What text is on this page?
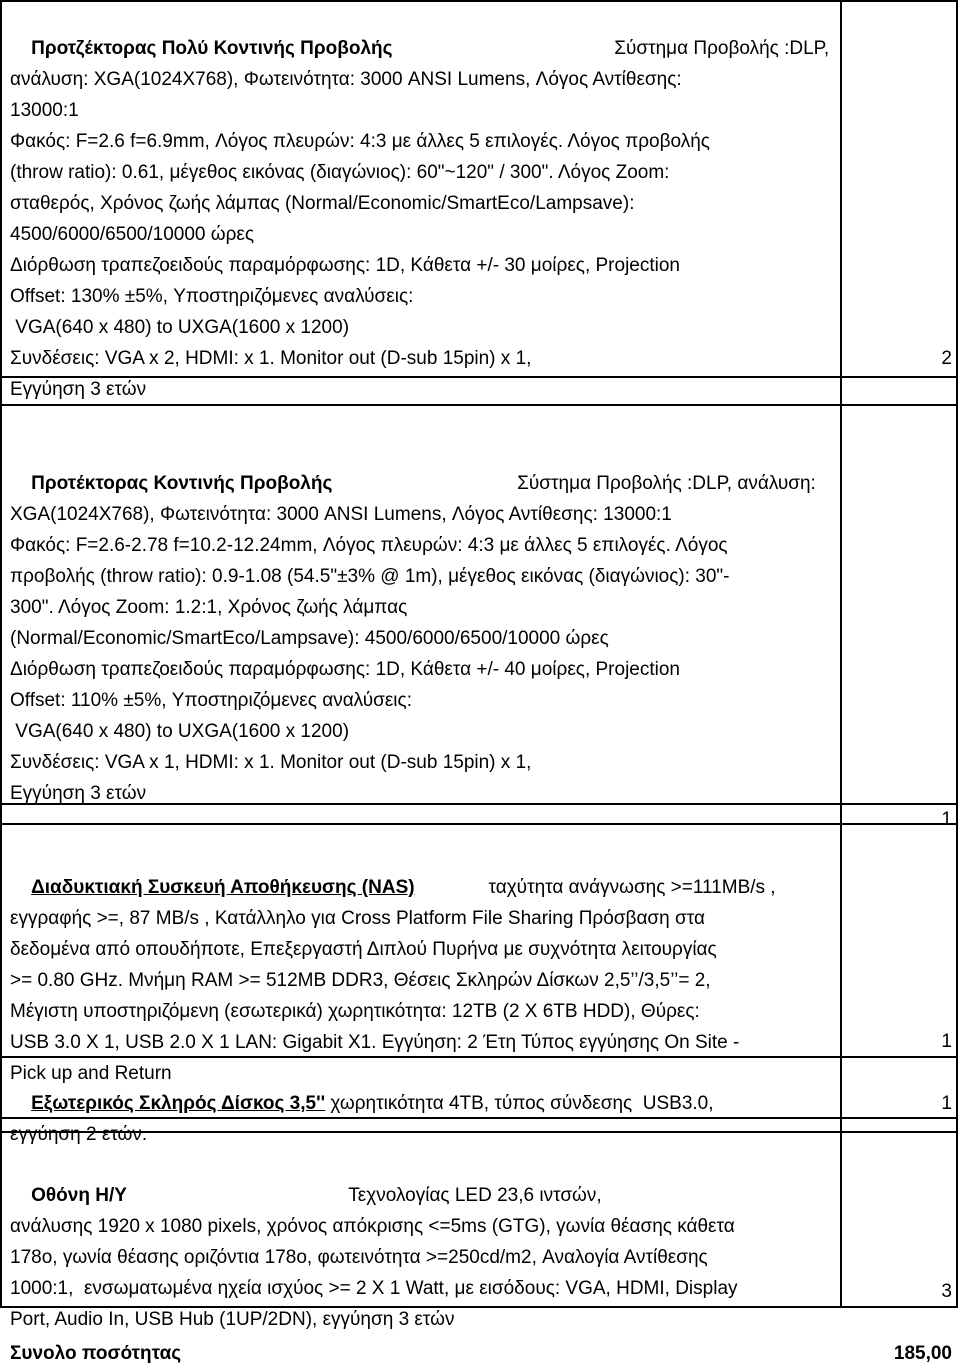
Προτζέκτορας Πολύ Κοντινής Προβολής                                          Σύστημα Προβολής :DLP,
ανάλυση: XGA(1024X768), Φωτεινότητα: 3000 ANSI Lumens, Λόγος Αντίθεσης:
13000:1
Φακός: F=2.6 f=6.9mm, Λόγος πλευρών: 4:3 με άλλες 5 επιλογές. Λόγος προβολής
(throw ratio): 0.61, μέγεθος εικόνας (διαγώνιος): 60"~120" / 300". Λόγος Zoom:
σταθερός, Χρόνος ζωής λάμπας (Normal/Economic/SmartEco/Lampsave):
4500/6000/6500/10000 ώρες
Διόρθωση τραπεζοειδούς παραμόρφωσης: 1D, Κάθετα +/- 30 μοίρες, Projection
Offset: 130% ±5%, Υποστηριζόμενες αναλύσεις:
VGA(640 x 480) to UXGA(1600 x 1200)
Συνδέσεις: VGA x 2, HDMI: x 1. Monitor out (D-sub 15pin) x 1,
Εγγύηση 3 ετών
2

Προτέκτορας Κοντινής Προβολής                                   Σύστημα Προβολής :DLP, ανάλυση:
XGA(1024X768), Φωτεινότητα: 3000 ANSI Lumens, Λόγος Αντίθεσης: 13000:1
Φακός: F=2.6-2.78 f=10.2-12.24mm, Λόγος πλευρών: 4:3 με άλλες 5 επιλογές. Λόγος
προβολής (throw ratio): 0.9-1.08 (54.5"±3% @ 1m), μέγεθος εικόνας (διαγώνιος): 30"-
300". Λόγος Zoom: 1.2:1, Χρόνος ζωής λάμπας
(Normal/Economic/SmartEco/Lampsave): 4500/6000/6500/10000 ώρες
Διόρθωση τραπεζοειδούς παραμόρφωσης: 1D, Κάθετα +/- 40 μοίρες, Projection
Offset: 110% ±5%, Υποστηριζόμενες αναλύσεις:
VGA(640 x 480) to UXGA(1600 x 1200)
Συνδέσεις: VGA x 1, HDMI: x 1. Monitor out (D-sub 15pin) x 1,
Εγγύηση 3 ετών
1

Διαδυκτιακή Συσκευή Αποθήκευσης (NAS)              ταχύτητα ανάγνωσης >=111MB/s ,
εγγραφής >=, 87 MB/s , Κατάλληλο για Cross Platform File Sharing Πρόσβαση στα
δεδομένα από οπουδήποτε, Επεξεργαστή Διπλού Πυρήνα με συχνότητα λειτουργίας
>= 0.80 GHz. Μνήμη RAM >= 512MB DDR3, Θέσεις Σκληρών Δίσκων 2,5’’/3,5’’= 2,
Μέγιστη υποστηριζόμενη (εσωτερικά) χωρητικότητα: 12TB (2 X 6TB HDD), Θύρες:
USB 3.0 X 1, USB 2.0 X 1 LAN: Gigabit X1. Εγγύηση: 2 Έτη Τύπος εγγύησης On Site -
Pick up and Return
1

Εξωτερικός Σκληρός Δίσκος 3,5'' χωρητικότητα 4TB, τύπος σύνδεσης  USB3.0,
εγγύηση 2 ετών.
1

Οθόνη Η/Υ                                          Τεχνολογίας LED 23,6 ιντσών,
ανάλυσης 1920 x 1080 pixels, χρόνος απόκρισης <=5ms (GTG), γωνία θέασης κάθετα
178ο, γωνία θέασης οριζόντια 178ο, φωτεινότητα >=250cd/m2, Αναλογία Αντίθεσης
1000:1,  ενσωματωμένα ηχεία ισχύος >= 2 X 1 Watt, με εισόδους: VGA, HDMI, Display
Port, Audio In, USB Hub (1UP/2DN), εγγύηση 3 ετών
3
Συνολο ποσότητας	185,00
